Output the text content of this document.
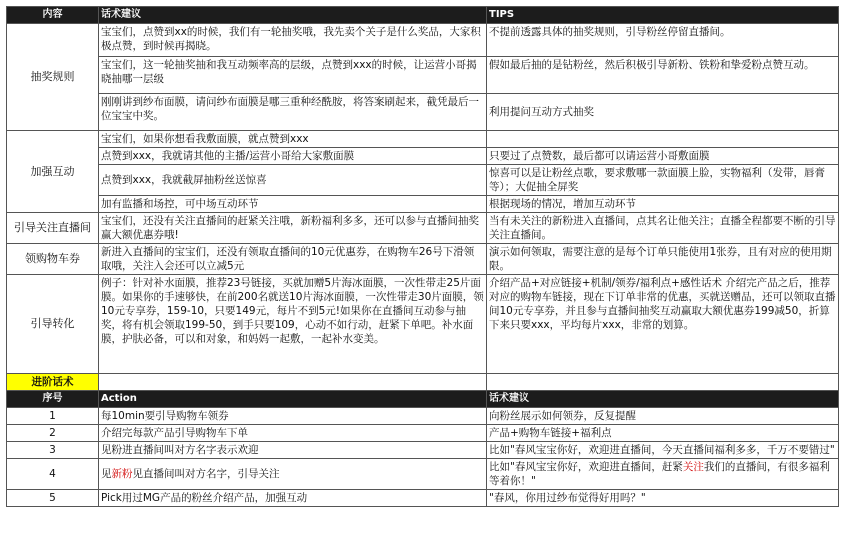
内容	话术建议	TIPS
抽奖规则	宝宝们，点赞到xx的时候，我们有一轮抽奖哦，我先卖个关子是什么奖品，大家积极点赞，到时候再揭晓。	不提前透露具体的抽奖规则，引导粉丝停留直播间。
	宝宝们，这一轮抽奖抽和我互动频率高的层级，点赞到xxx的时候，让运营小哥揭晓抽哪一层级	假如最后抽的是钻粉丝，然后积极引导新粉、铁粉和挚爱粉点赞互动。
	刚刚讲到纱布面膜，请问纱布面膜是哪三重种经酰胺，将答案刷起来，截凭最后一位宝宝中奖。	利用提问互动方式抽奖
加强互动	宝宝们，如果你想看我敷面膜，就点赞到xxx	
	点赞到xxx，我就请其他的主播/运营小哥给大家敷面膜	只要过了点赞数，最后都可以请运营小哥敷面膜
	点赞到xxx，我就截屏抽粉丝送惊喜	惊喜可以是让粉丝点歌，要求敷哪一款面膜上脸，实物福利（发带，唇膏等）；大促抽全屏奖
	加有监播和场控，可中场互动环节	根据现场的情况，增加互动环节
引导关注直播间	宝宝们，还没有关注直播间的赶紧关注哦，新粉福利多多，还可以参与直播间抽奖赢大额优惠券哦!	当有未关注的新粉进入直播间，点其名让他关注；直播全程都要不断的引导关注直播间。
领购物车券	新进入直播间的宝宝们，还没有领取直播间的10元优惠券，在购物车26号下滑领取哦，关注入会还可以立减5元	演示如何领取，需要注意的是每个订单只能使用1张券，且有对应的使用期限。
引导转化	例子：针对补水面膜，推荐23号链接，买就加赠5片海冰面膜，一次性带走25片面膜。如果你的手速够快，在前200名就送10片海冰面膜，一次性带走30片面膜，领10元专享券，159-10，只要149元，每片不到5元!如果你在直播间互动参与抽奖，将有机会领取199-50，到手只要109，心动不如行动，赶紧下单吧。补水面膜，护肤必备，可以和对象，和妈妈一起敷，一起补水变美。	介绍产品+对应链接+机制/领券/福利点+感性话术 介绍完产品之后，推荐对应的购物车链接，现在下订单非常的优惠，买就送赠品，还可以领取直播间10元专享券，并且参与直播间抽奖互动赢取大额优惠券199减50，折算下来只要xxx，平均每片xxx，非常的划算。
进阶话术		
序号	Action	话术建议
1	每10min要引导购物车领券	向粉丝展示如何领券，反复提醒
2	介绍完每款产品引导购物车下单	产品+购物车链接+福利点
3	见粉进直播间叫对方名字表示欢迎	比如"春风宝宝你好，欢迎进直播间，今天直播间福利多多，千万不要错过"
4	见新粉见直播间叫对方名字，引导关注	比如"春风宝宝你好，欢迎进直播间，赶紧关注我们的直播间，有很多福利等着你！"
5	Pick用过MG产品的粉丝介绍产品，加强互动	"春风，你用过纱布觉得好用吗？"
